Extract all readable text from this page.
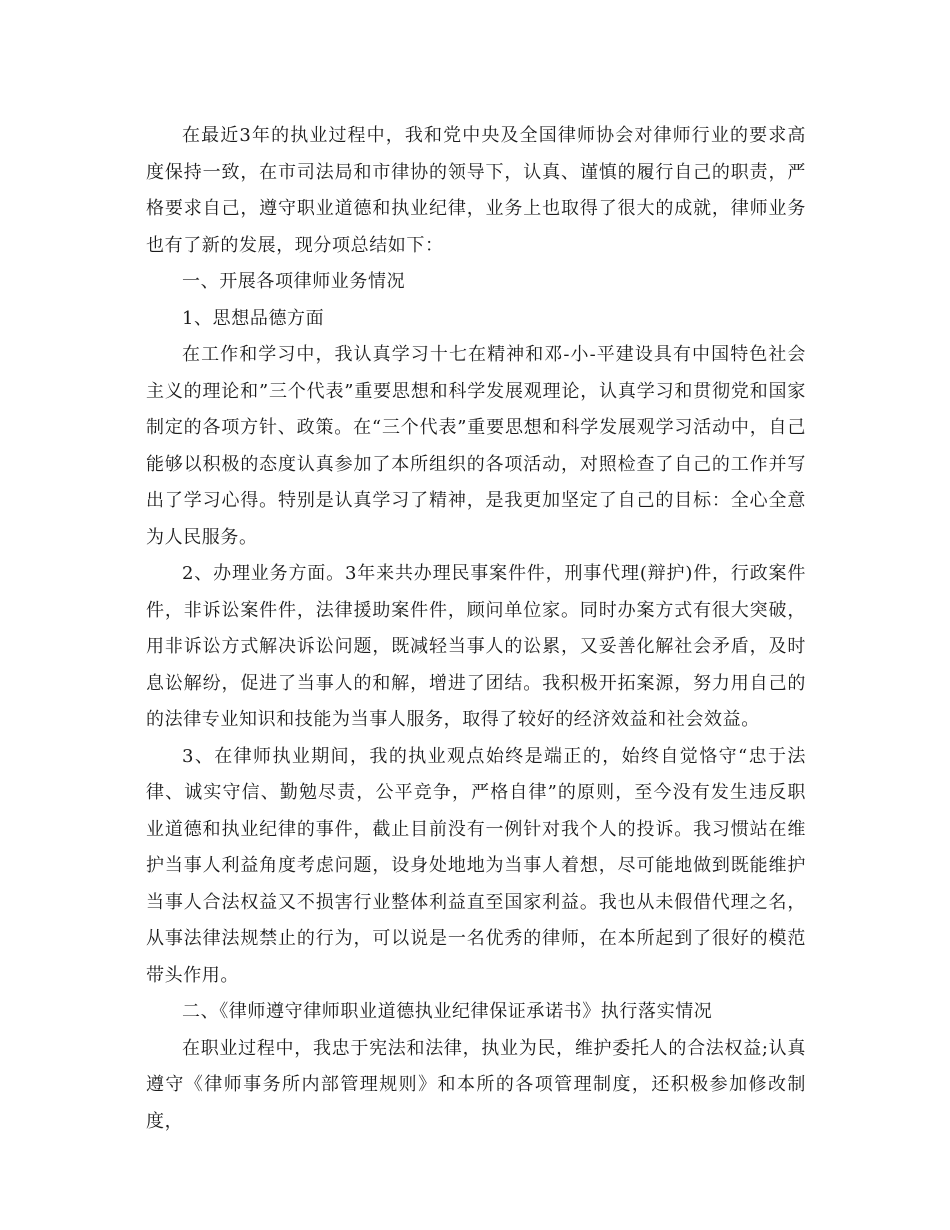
在最近3年的执业过程中，我和党中央及全国律师协会对律师行业的要求高度保持一致，在市司法局和市律协的领导下，认真、谨慎的履行自己的职责，严格要求自己，遵守职业道德和执业纪律，业务上也取得了很大的成就，律师业务也有了新的发展，现分项总结如下：

一、开展各项律师业务情况

1、思想品德方面

在工作和学习中，我认真学习十七在精神和邓-小-平建设具有中国特色社会主义的理论和”三个代表”重要思想和科学发展观理论，认真学习和贯彻党和国家制定的各项方针、政策。在“三个代表”重要思想和科学发展观学习活动中，自己能够以积极的态度认真参加了本所组织的各项活动，对照检查了自己的工作并写出了学习心得。特别是认真学习了精神，是我更加坚定了自己的目标：全心全意为人民服务。

2、办理业务方面。3年来共办理民事案件件，刑事代理(辩护)件，行政案件件，非诉讼案件件，法律援助案件件，顾问单位家。同时办案方式有很大突破，用非诉讼方式解决诉讼问题，既减轻当事人的讼累，又妥善化解社会矛盾，及时息讼解纷，促进了当事人的和解，增进了团结。我积极开拓案源，努力用自己的的法律专业知识和技能为当事人服务，取得了较好的经济效益和社会效益。

3、在律师执业期间，我的执业观点始终是端正的，始终自觉恪守“忠于法律、诚实守信、勤勉尽责，公平竞争，严格自律”的原则，至今没有发生违反职业道德和执业纪律的事件，截止目前没有一例针对我个人的投诉。我习惯站在维护当事人利益角度考虑问题，设身处地地为当事人着想，尽可能地做到既能维护当事人合法权益又不损害行业整体利益直至国家利益。我也从未假借代理之名，从事法律法规禁止的行为，可以说是一名优秀的律师，在本所起到了很好的模范带头作用。

二、《律师遵守律师职业道德执业纪律保证承诺书》执行落实情况

在职业过程中，我忠于宪法和法律，执业为民，维护委托人的合法权益;认真遵守《律师事务所内部管理规则》和本所的各项管理制度，还积极参加修改制度，
